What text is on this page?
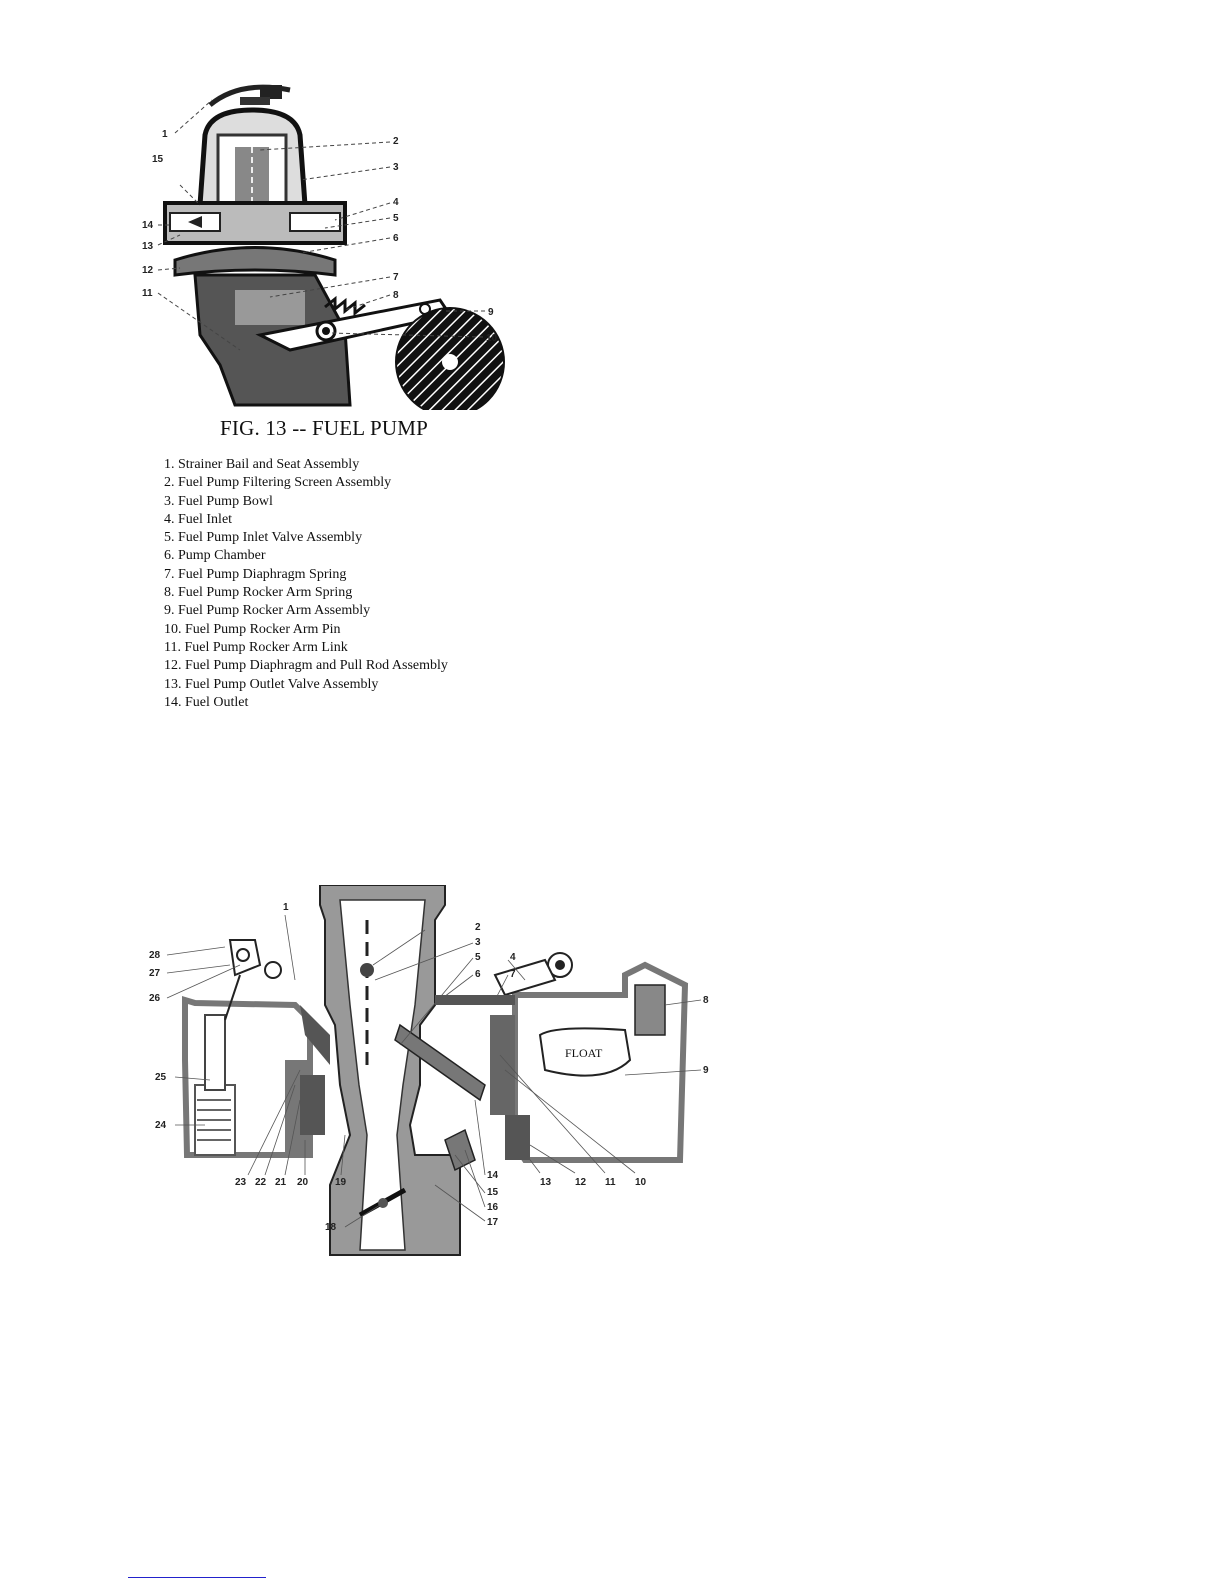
1
2
3
15
4
5
14
6
13
12
7
11	8
9
10
FIG. 13 -- FUEL PUMP
1. Strainer Bail and Seat Assembly
2. Fuel Pump Filtering Screen Assembly
3. Fuel Pump Bowl
4. Fuel Inlet
5. Fuel Pump Inlet Valve Assembly
6. Pump Chamber
7. Fuel Pump Diaphragm Spring
8. Fuel Pump Rocker Arm Spring
9. Fuel Pump Rocker Arm Assembly
10. Fuel Pump Rocker Arm Pin
11. Fuel Pump Rocker Arm Link
12. Fuel Pump Diaphragm and Pull Rod Assembly
13. Fuel Pump Outlet Valve Assembly
14. Fuel Outlet
FLOAT
1
2
3
5	4
6	7
8
9
10
11
12
13
14
15
16
17
18
19
20
21
22
23
24
25
26
27
28
